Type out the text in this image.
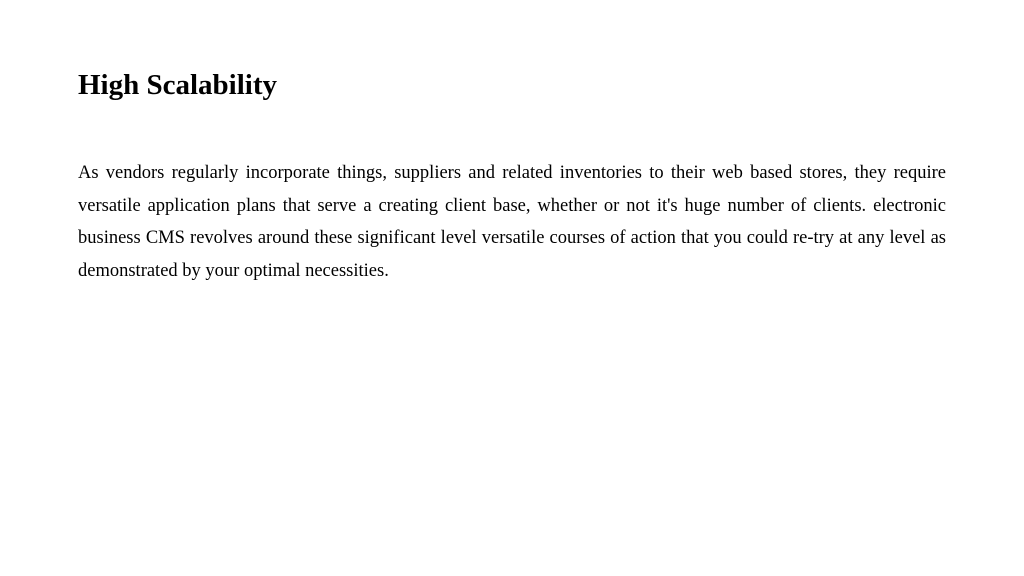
High Scalability

As vendors regularly incorporate things, suppliers and related inventories to their web based stores, they require versatile application plans that serve a creating client base, whether or not it's huge number of clients. electronic business CMS revolves around these significant level versatile courses of action that you could re-try at any level as demonstrated by your optimal necessities.
